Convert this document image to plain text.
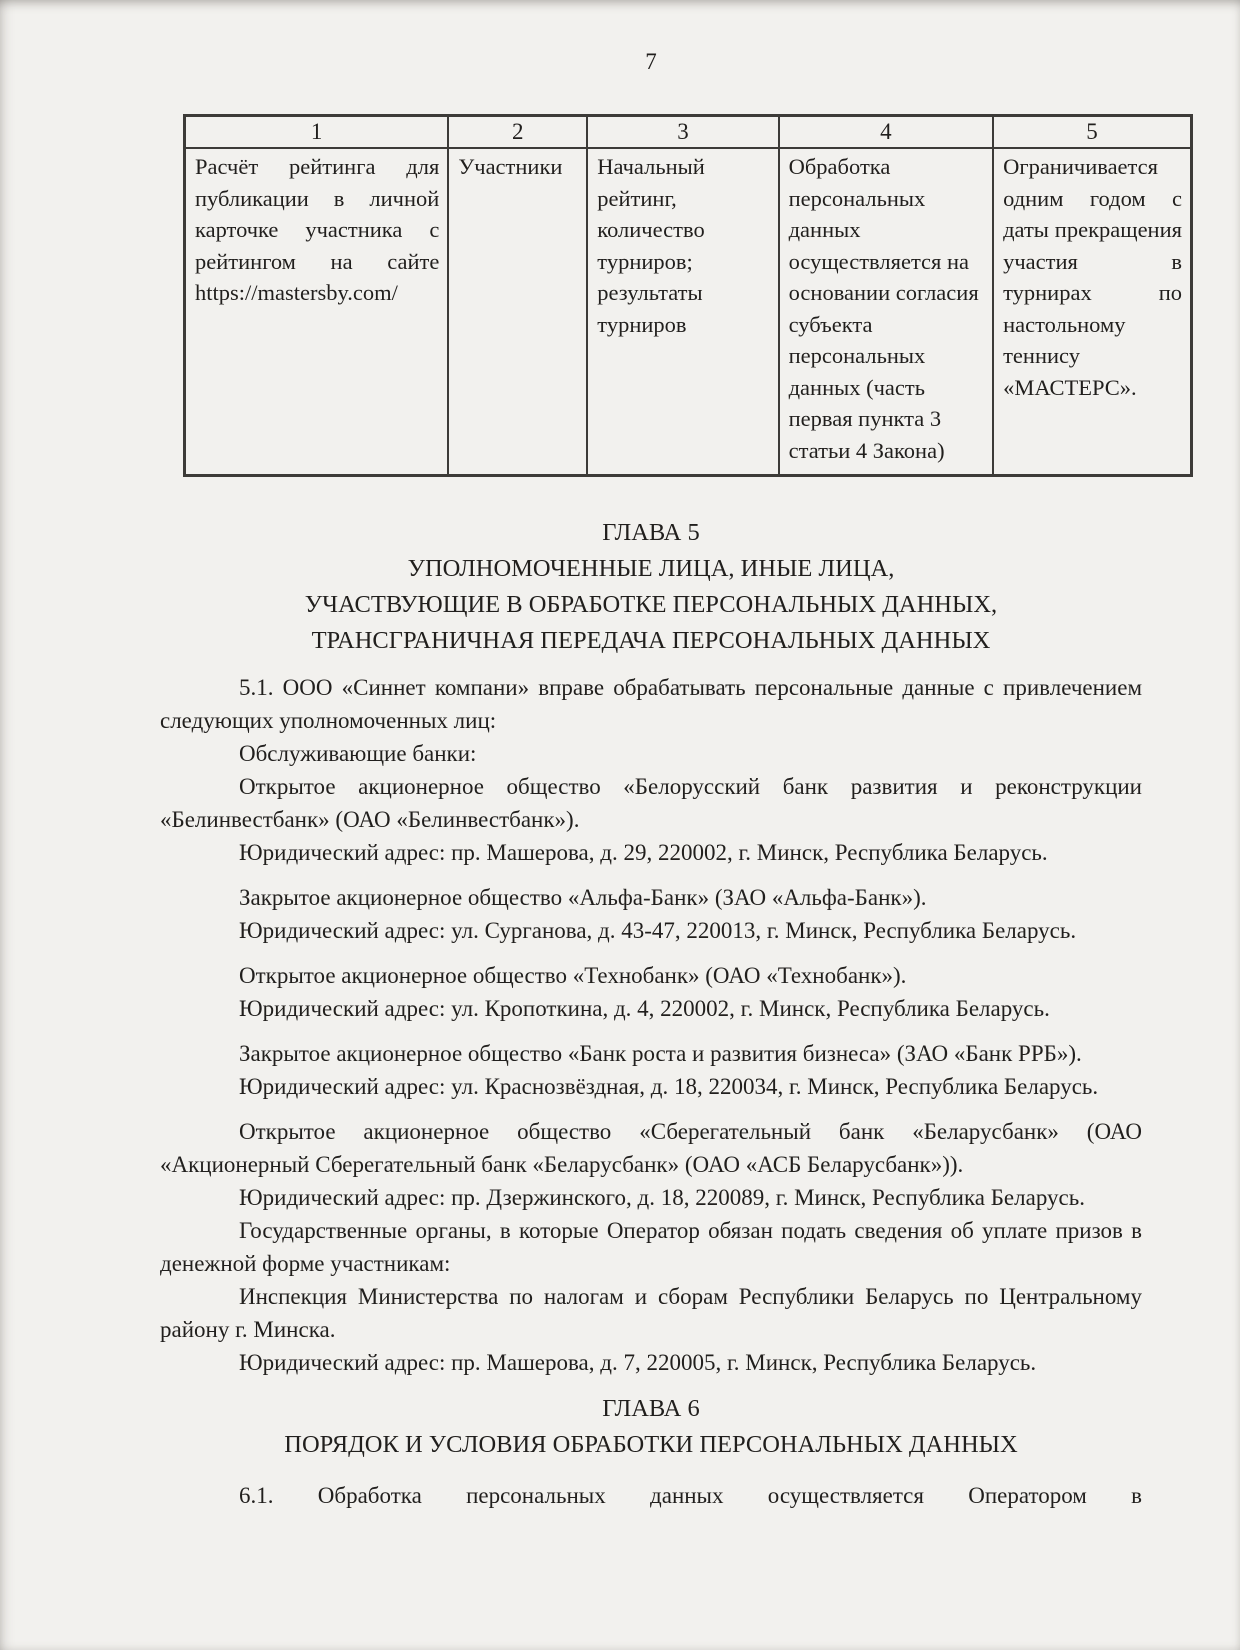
7
1	2	3	4	5
Расчёт рейтинга для публикации в личной карточке участника с рейтингом на сайте https://mastersby.com/	Участники	Начальный рейтинг, количество турниров; результаты турниров	Обработка персональных данных осуществляется на основании согласия субъекта персональных данных (часть первая пункта 3 статьи 4 Закона)	Ограничивается одним годом с даты прекращения участия в турнирах по настольному теннису «МАСТЕРС».
ГЛАВА 5
УПОЛНОМОЧЕННЫЕ ЛИЦА, ИНЫЕ ЛИЦА,
УЧАСТВУЮЩИЕ В ОБРАБОТКЕ ПЕРСОНАЛЬНЫХ ДАННЫХ,
ТРАНСГРАНИЧНАЯ ПЕРЕДАЧА ПЕРСОНАЛЬНЫХ ДАННЫХ

5.1. ООО «Синнет компани» вправе обрабатывать персональные данные с привлечением следующих уполномоченных лиц:

Обслуживающие банки:

Открытое акционерное общество «Белорусский банк развития и реконструкции «Белинвестбанк» (ОАО «Белинвестбанк»).

Юридический адрес: пр. Машерова, д. 29, 220002, г. Минск, Республика Беларусь.

Закрытое акционерное общество «Альфа-Банк» (ЗАО «Альфа-Банк»).

Юридический адрес: ул. Сурганова, д. 43-47, 220013, г. Минск, Республика Беларусь.

Открытое акционерное общество «Технобанк» (ОАО «Технобанк»).

Юридический адрес: ул. Кропоткина, д. 4, 220002, г. Минск, Республика Беларусь.

Закрытое акционерное общество «Банк роста и развития бизнеса» (ЗАО «Банк РРБ»).

Юридический адрес: ул. Краснозвёздная, д. 18, 220034, г. Минск, Республика Беларусь.

Открытое акционерное общество «Сберегательный банк «Беларусбанк» (ОАО «Акционерный Сберегательный банк «Беларусбанк» (ОАО «АСБ Беларусбанк»)).

Юридический адрес: пр. Дзержинского, д. 18, 220089, г. Минск, Республика Беларусь.

Государственные органы, в которые Оператор обязан подать сведения об уплате призов в денежной форме участникам:

Инспекция Министерства по налогам и сборам Республики Беларусь по Центральному району г. Минска.

Юридический адрес: пр. Машерова, д. 7, 220005, г. Минск, Республика Беларусь.

ГЛАВА 6
ПОРЯДОК И УСЛОВИЯ ОБРАБОТКИ ПЕРСОНАЛЬНЫХ ДАННЫХ

6.1. Обработка персональных данных осуществляется Оператором в
